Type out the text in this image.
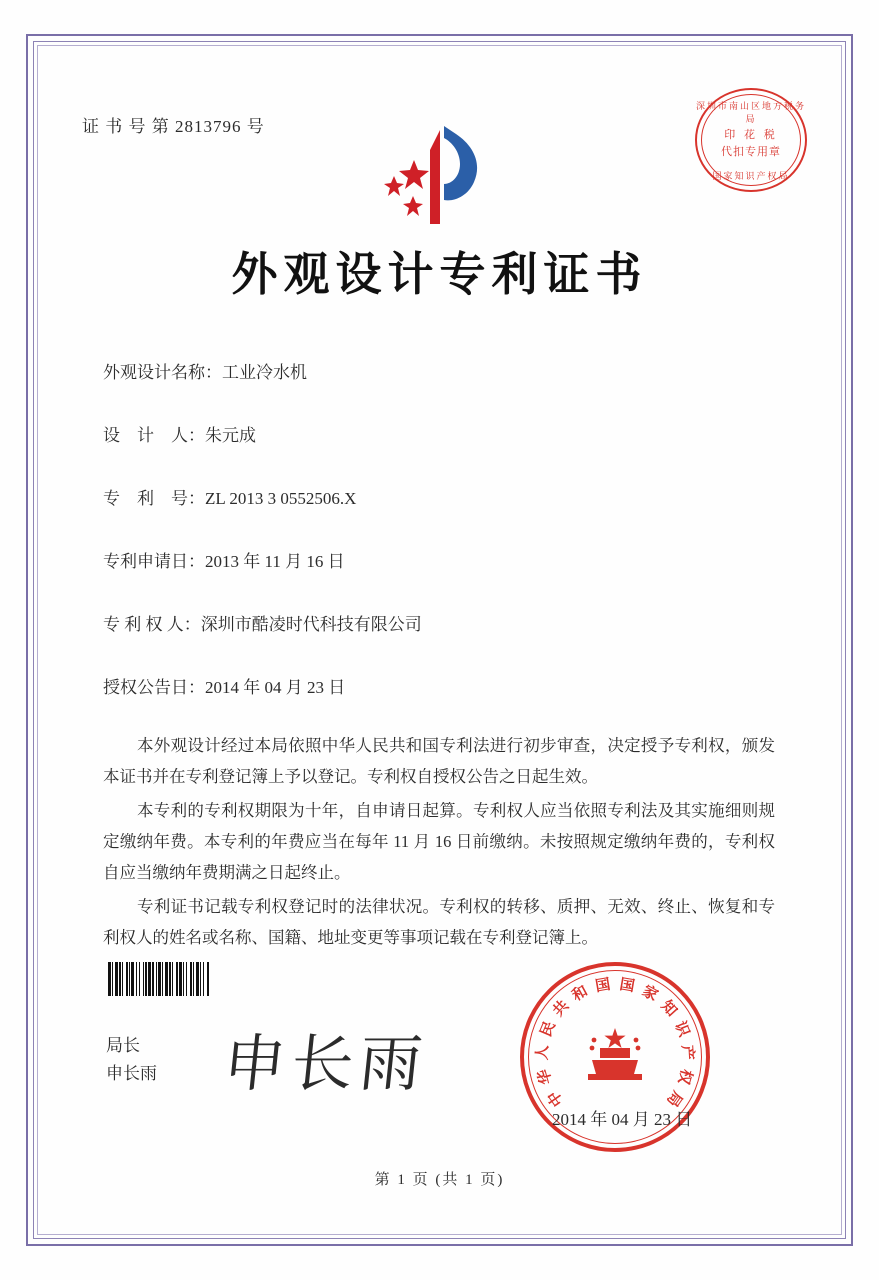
证 书 号 第 2813796 号
深圳市南山区地方税务局
印 花 税
代扣专用章
国家知识产权局
外观设计专利证书
外观设计名称：工业冷水机
设　计　人：朱元成
专　利　号：ZL 2013 3 0552506.X
专利申请日：2013 年 11 月 16 日
专 利 权 人：深圳市酷凌时代科技有限公司
授权公告日：2014 年 04 月 23 日

本外观设计经过本局依照中华人民共和国专利法进行初步审查，决定授予专利权，颁发本证书并在专利登记簿上予以登记。专利权自授权公告之日起生效。

本专利的专利权期限为十年，自申请日起算。专利权人应当依照专利法及其实施细则规定缴纳年费。本专利的年费应当在每年 11 月 16 日前缴纳。未按照规定缴纳年费的，专利权自应当缴纳年费期满之日起终止。

专利证书记载专利权登记时的法律状况。专利权的转移、质押、无效、终止、恢复和专利权人的姓名或名称、国籍、地址变更等事项记载在专利登记簿上。

局长
申长雨 申长雨	中
华
人
民
共
和 国 国 家
知
识
产
权
局
2014 年 04 月 23 日
第 1 页 (共 1 页)
